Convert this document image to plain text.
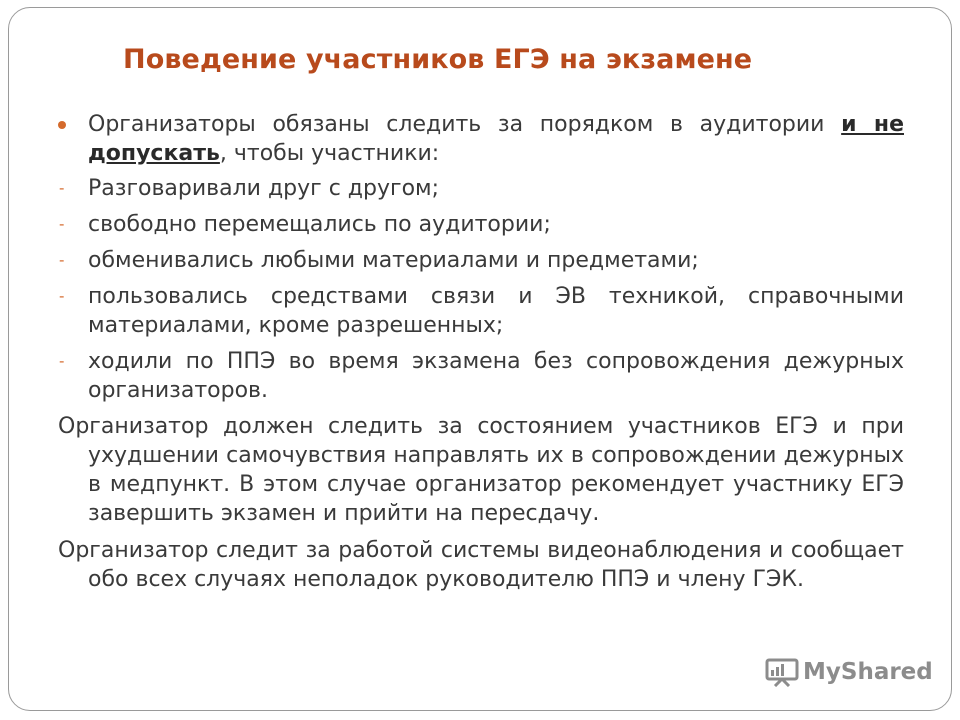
Поведение участников ЕГЭ на экзамене
Организаторы обязаны следить за порядком в аудитории и не допускать, чтобы участники:
- Разговаривали друг с другом;
- свободно перемещались по аудитории;
- обменивались любыми материалами и предметами;
- пользовались средствами связи и ЭВ техникой, справочными материалами, кроме разрешенных;
- ходили по ППЭ во время экзамена без сопровождения дежурных организаторов.
Организатор должен следить за состоянием участников ЕГЭ и при ухудшении самочувствия направлять их в сопровождении дежурных в медпункт. В этом случае организатор рекомендует участнику ЕГЭ завершить экзамен и прийти на пересдачу.
Организатор следит за работой системы видеонаблюдения и сообщает обо всех случаях неполадок руководителю ППЭ и члену ГЭК.
MyShared
